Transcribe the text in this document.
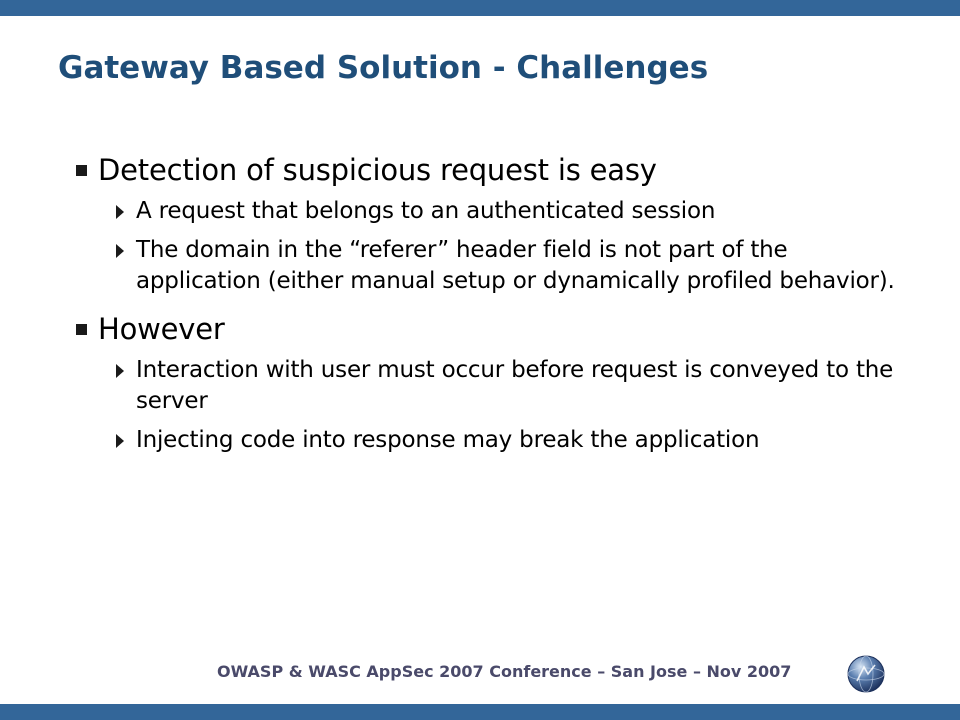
Gateway Based Solution - Challenges
Detection of suspicious request is easy
A request that belongs to an authenticated session
The domain in the “referer” header field is not part of the application (either manual setup or dynamically profiled behavior).
However
Interaction with user must occur before request is conveyed to the server
Injecting code into response may break the application
OWASP & WASC AppSec 2007 Conference – San Jose – Nov 2007
